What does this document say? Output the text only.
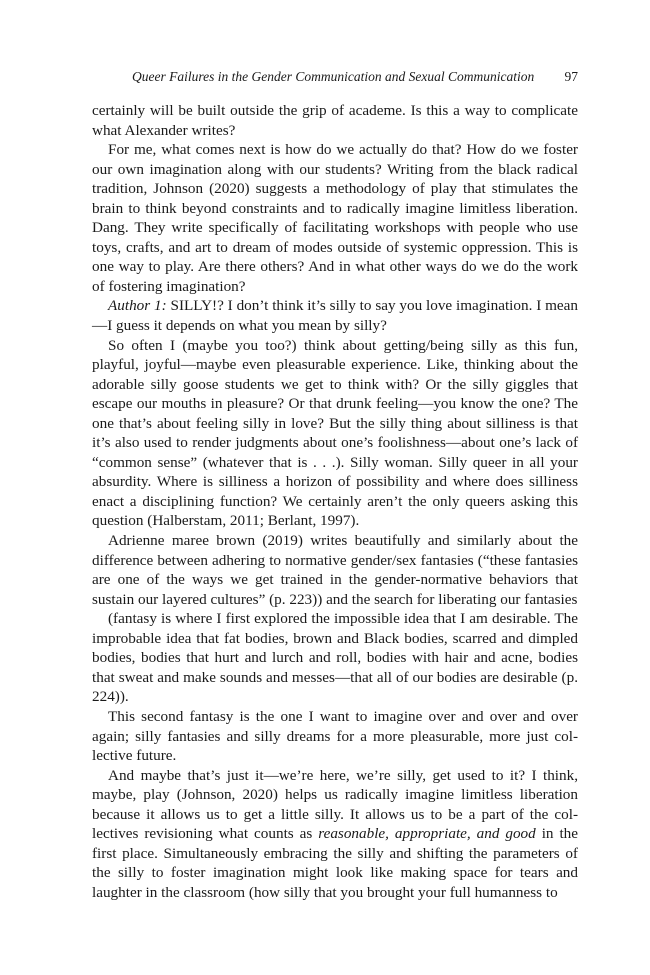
Queer Failures in the Gender Communication and Sexual Communication 97

certainly will be built outside the grip of academe. Is this a way to complicate what Alexander writes?

For me, what comes next is how do we actually do that? How do we foster our own imagination along with our students? Writing from the black radical tradition, Johnson (2020) suggests a methodology of play that stimulates the brain to think beyond constraints and to radically imagine limitless liberation. Dang. They write specifically of facilitating workshops with people who use toys, crafts, and art to dream of modes outside of systemic oppression. This is one way to play. Are there others? And in what other ways do we do the work of fostering imagination?

Author 1: SILLY!? I don’t think it’s silly to say you love imagination. I mean—I guess it depends on what you mean by silly?

So often I (maybe you too?) think about getting/being silly as this fun, playful, joyful—maybe even pleasurable experience. Like, thinking about the adorable silly goose students we get to think with? Or the silly giggles that escape our mouths in pleasure? Or that drunk feeling—you know the one? The one that’s about feeling silly in love? But the silly thing about silliness is that it’s also used to render judgments about one’s foolishness—about one’s lack of “common sense” (whatever that is . . .). Silly woman. Silly queer in all your absurdity. Where is silliness a horizon of possibility and where does silliness enact a disciplining function? We certainly aren’t the only queers asking this question (Halberstam, 2011; Berlant, 1997).

Adrienne maree brown (2019) writes beautifully and similarly about the difference between adhering to normative gender/sex fantasies (“these fantasies are one of the ways we get trained in the gender-normative behaviors that sustain our layered cultures” (p. 223)) and the search for liberating our fantasies

(fantasy is where I first explored the impossible idea that I am desirable. The improbable idea that fat bodies, brown and Black bodies, scarred and dimpled bodies, bodies that hurt and lurch and roll, bodies with hair and acne, bodies that sweat and make sounds and messes—that all of our bodies are desirable (p. 224)).

This second fantasy is the one I want to imagine over and over and over again; silly fantasies and silly dreams for a more pleasurable, more just collective future.

And maybe that’s just it—we’re here, we’re silly, get used to it? I think, maybe, play (Johnson, 2020) helps us radically imagine limitless liberation because it allows us to get a little silly. It allows us to be a part of the collectives revisioning what counts as reasonable, appropriate, and good in the first place. Simultaneously embracing the silly and shifting the parameters of the silly to foster imagination might look like making space for tears and laughter in the classroom (how silly that you brought your full humanness to
